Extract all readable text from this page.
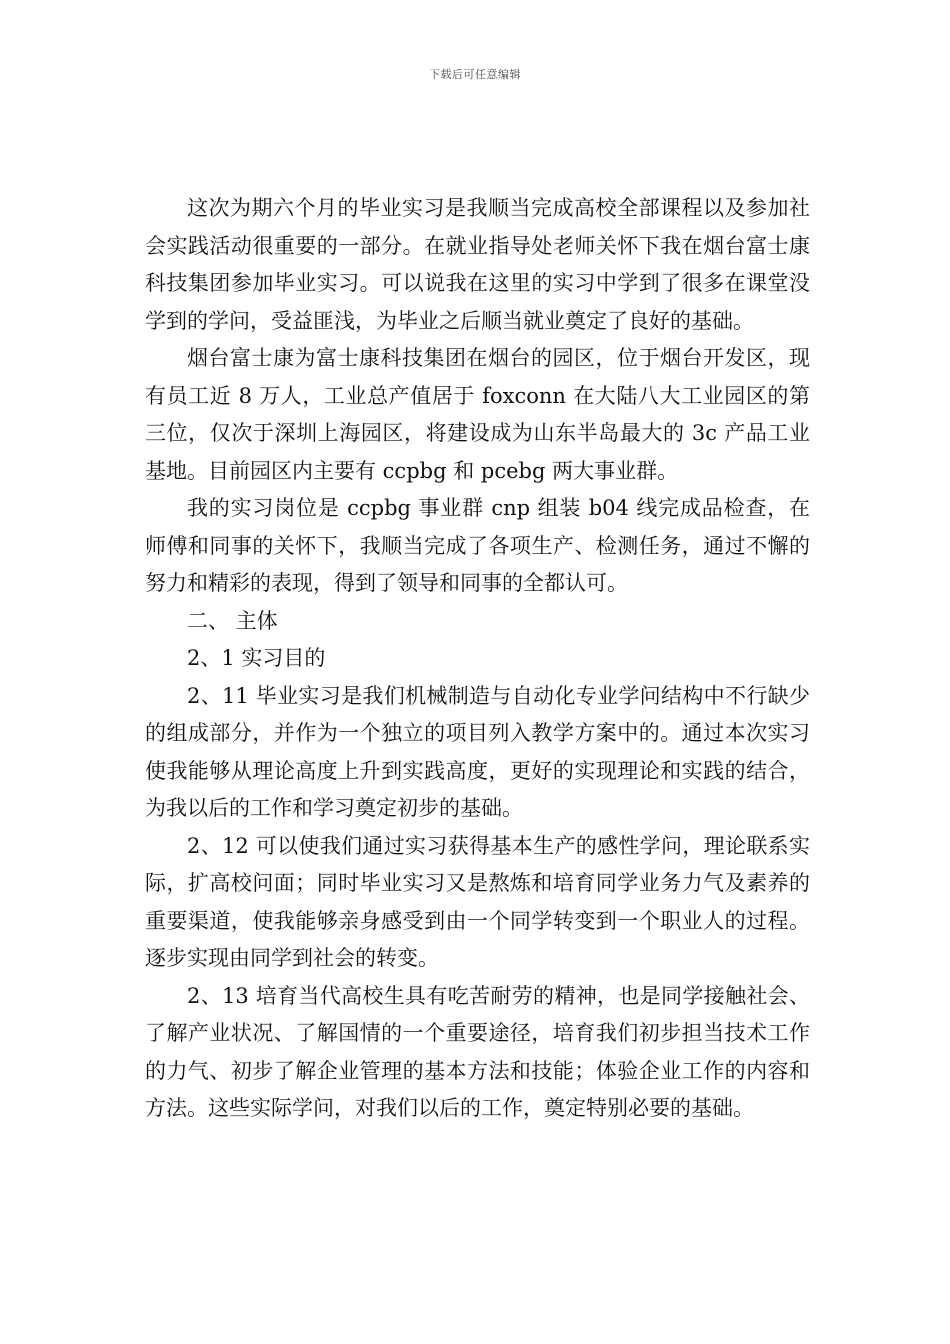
下载后可任意编辑

这次为期六个月的毕业实习是我顺当完成高校全部课程以及参加社会实践活动很重要的一部分。在就业指导处老师关怀下我在烟台富士康科技集团参加毕业实习。可以说我在这里的实习中学到了很多在课堂没学到的学问，受益匪浅，为毕业之后顺当就业奠定了良好的基础。

烟台富士康为富士康科技集团在烟台的园区，位于烟台开发区，现有员工近 8 万人，工业总产值居于 foxconn 在大陆八大工业园区的第三位，仅次于深圳上海园区，将建设成为山东半岛最大的 3c 产品工业基地。目前园区内主要有 ccpbg 和 pcebg 两大事业群。

我的实习岗位是 ccpbg 事业群 cnp 组装 b04 线完成品检查，在师傅和同事的关怀下，我顺当完成了各项生产、检测任务，通过不懈的努力和精彩的表现，得到了领导和同事的全都认可。

二、 主体

2、1 实习目的

2、11 毕业实习是我们机械制造与自动化专业学问结构中不行缺少的组成部分，并作为一个独立的项目列入教学方案中的。通过本次实习使我能够从理论高度上升到实践高度，更好的实现理论和实践的结合，为我以后的工作和学习奠定初步的基础。

2、12 可以使我们通过实习获得基本生产的感性学问，理论联系实际，扩高校问面；同时毕业实习又是熬炼和培育同学业务力气及素养的重要渠道，使我能够亲身感受到由一个同学转变到一个职业人的过程。逐步实现由同学到社会的转变。

2、13 培育当代高校生具有吃苦耐劳的精神，也是同学接触社会、了解产业状况、了解国情的一个重要途径，培育我们初步担当技术工作的力气、初步了解企业管理的基本方法和技能；体验企业工作的内容和方法。这些实际学问，对我们以后的工作，奠定特别必要的基础。
